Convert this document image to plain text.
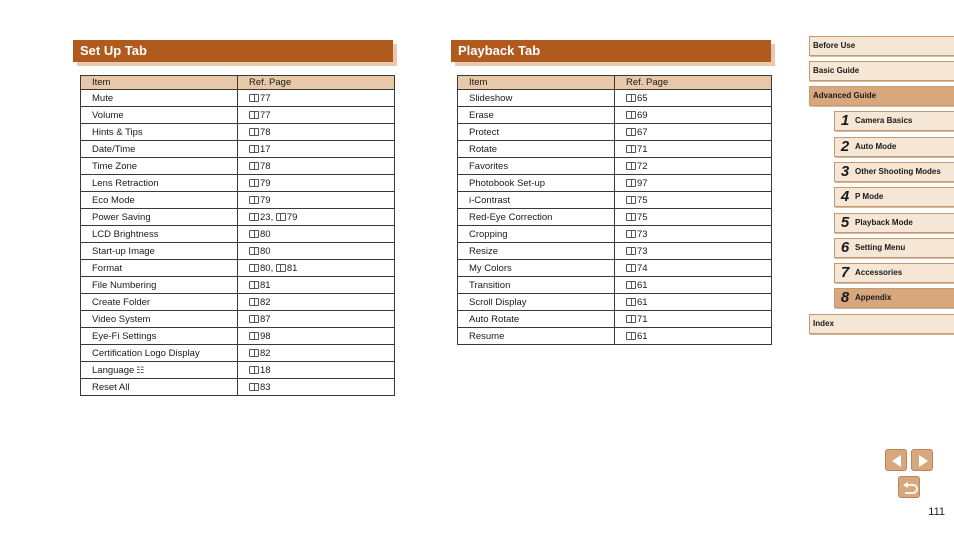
Set Up Tab
Item	Ref. Page
Mute	77
Volume	77
Hints & Tips	78
Date/Time	17
Time Zone	78
Lens Retraction	79
Eco Mode	79
Power Saving	23, 79
LCD Brightness	80
Start-up Image	80
Format	80, 81
File Numbering	81
Create Folder	82
Video System	87
Eye-Fi Settings	98
Certification Logo Display	82
Language ☷	18
Reset All	83
Playback Tab
Item	Ref. Page
Slideshow	65
Erase	69
Protect	67
Rotate	71
Favorites	72
Photobook Set-up	97
i-Contrast	75
Red-Eye Correction	75
Cropping	73
Resize	73
My Colors	74
Transition	61
Scroll Display	61
Auto Rotate	71
Resume	61
Before Use
Basic Guide
Advanced Guide
1 Camera Basics
2 Auto Mode
3 Other Shooting Modes
4 P Mode
5 Playback Mode
6 Setting Menu
7 Accessories
8 Appendix
Index
111
